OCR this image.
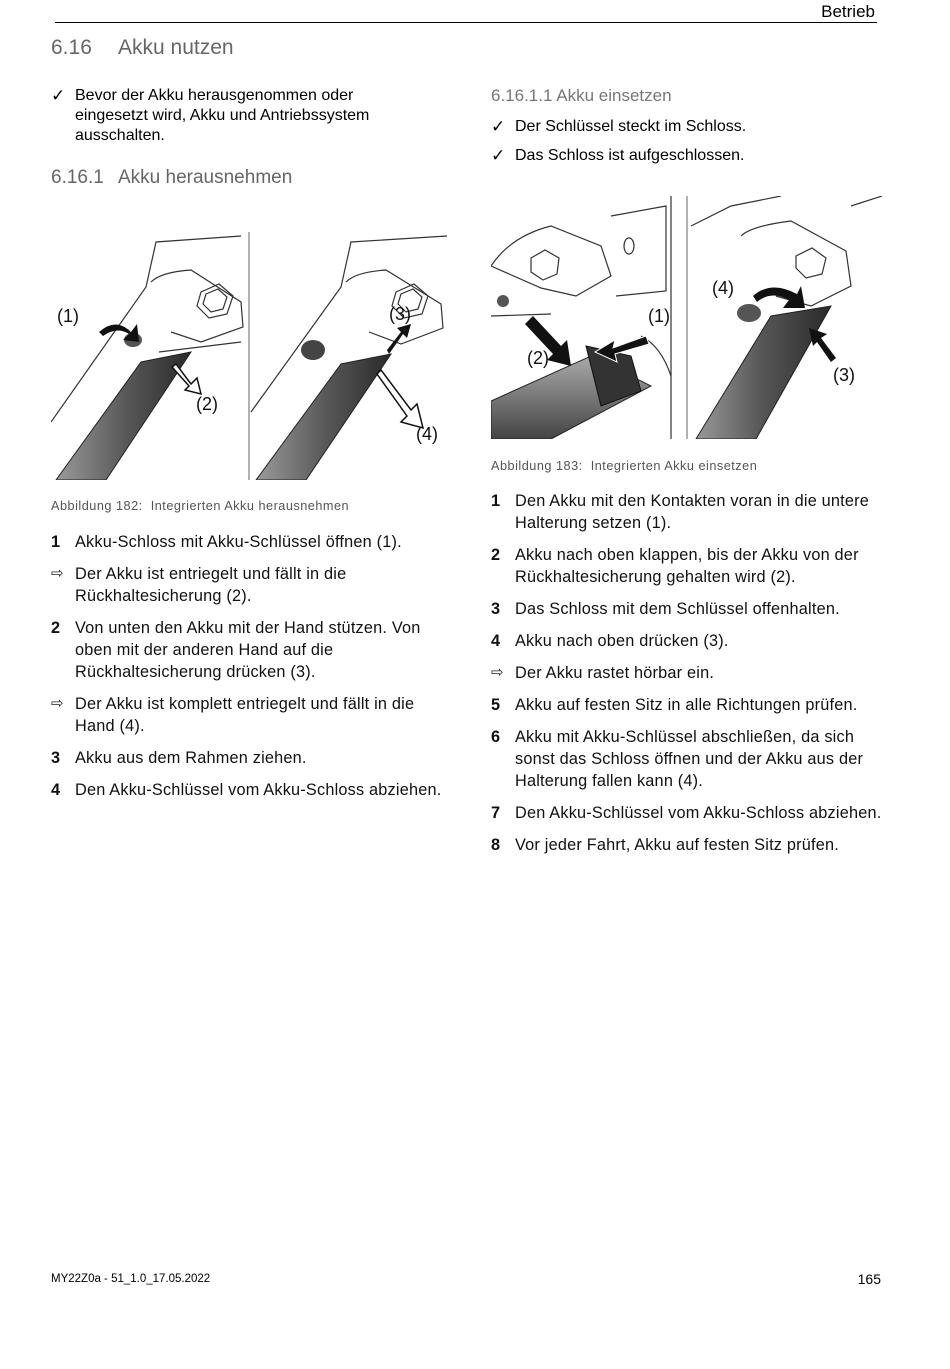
Betrieb
6.16 Akku nutzen
✓ Bevor der Akku herausgenommen oder eingesetzt wird, Akku und Antriebssystem ausschalten.
6.16.1 Akku herausnehmen
(1)
(2)
(3)
(4)
Abbildung 182: Integrierten Akku herausnehmen
1 Akku-Schloss mit Akku-Schlüssel öffnen (1).
⇨ Der Akku ist entriegelt und fällt in die Rückhaltesicherung (2).
2 Von unten den Akku mit der Hand stützen. Von oben mit der anderen Hand auf die Rückhaltesicherung drücken (3).
⇨ Der Akku ist komplett entriegelt und fällt in die Hand (4).
3 Akku aus dem Rahmen ziehen.
4 Den Akku-Schlüssel vom Akku-Schloss abziehen.
6.16.1.1 Akku einsetzen
✓ Der Schlüssel steckt im Schloss.
✓ Das Schloss ist aufgeschlossen.
(1)
(2)
(3)
(4)
Abbildung 183: Integrierten Akku einsetzen
1 Den Akku mit den Kontakten voran in die untere Halterung setzen (1).
2 Akku nach oben klappen, bis der Akku von der Rückhaltesicherung gehalten wird (2).
3 Das Schloss mit dem Schlüssel offenhalten.
4 Akku nach oben drücken (3).
⇨ Der Akku rastet hörbar ein.
5 Akku auf festen Sitz in alle Richtungen prüfen.
6 Akku mit Akku-Schlüssel abschließen, da sich sonst das Schloss öffnen und der Akku aus der Halterung fallen kann (4).
7 Den Akku-Schlüssel vom Akku-Schloss abziehen.
8 Vor jeder Fahrt, Akku auf festen Sitz prüfen.
MY22Z0a - 51_1.0_17.05.2022	165
